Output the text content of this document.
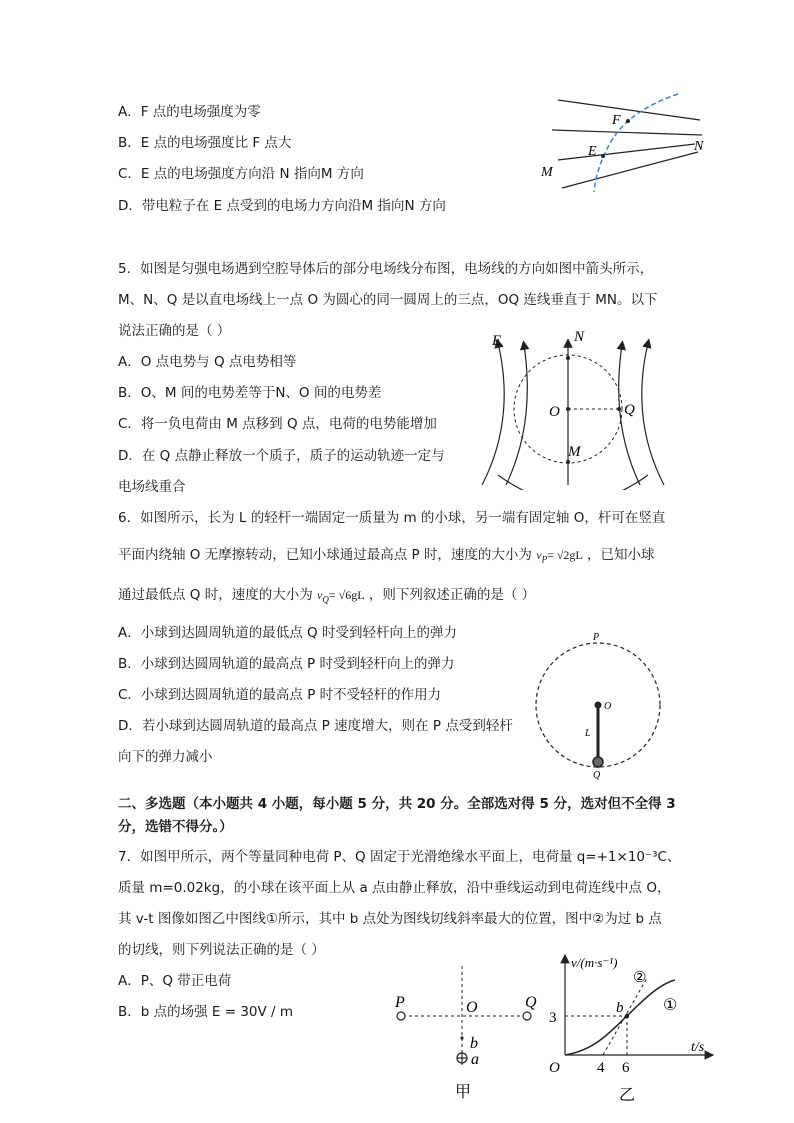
A．F 点的电场强度为零
B．E 点的电场强度比 F 点大
C．E 点的电场强度方向沿 N 指向M 方向
D．带电粒子在 E 点受到的电场力方向沿M 指向N 方向
F
E	N
M
5．如图是匀强电场遇到空腔导体后的部分电场线分布图，电场线的方向如图中箭头所示，
M、N、Q 是以直电场线上一点 O 为圆心的同一圆周上的三点，OQ 连线垂直于 MN。以下
说法正确的是（ ）
A．O 点电势与 Q 点电势相等
B．O、M 间的电势差等于N、O 间的电势差
C．将一负电荷由 M 点移到 Q 点，电荷的电势能增加
D．在 Q 点静止释放一个质子，质子的运动轨迹一定与
电场线重合
E	N
O	Q
M
6．如图所示，长为 L 的轻杆一端固定一质量为 m 的小球，另一端有固定轴 O，杆可在竖直
平面内绕轴 O 无摩擦转动，已知小球通过最高点 P 时，速度的大小为 $v_P= √2gL$ ，已知小球
通过最低点 Q 时，速度的大小为 $v_Q= √6gL$ ，则下列叙述正确的是（ ）
A．小球到达圆周轨道的最低点 Q 时受到轻杆向上的弹力
B．小球到达圆周轨道的最高点 P 时受到轻杆向上的弹力
C．小球到达圆周轨道的最高点 P 时不受轻杆的作用力
D．若小球到达圆周轨道的最高点 P 速度增大，则在 P 点受到轻杆
向下的弹力减小
P
O
L
Q
二、多选题（本小题共 4 小题，每小题 5 分，共 20 分。全部选对得 5 分，选对但不全得 3
分，选错不得分。）
7．如图甲所示，两个等量同种电荷 P、Q 固定于光滑绝缘水平面上，电荷量 q=+1×10⁻³C、
质量 m=0.02kg，的小球在该平面上从 a 点由静止释放，沿中垂线运动到电荷连线中点 O，
其 v-t 图像如图乙中图线①所示，其中 b 点处为图线切线斜率最大的位置，图中②为过 b 点
的切线，则下列说法正确的是（ ）
A．P、Q 带正电荷
B．b 点的场强 E = 30V / m
P	O	Q
b
a
甲
v/(m·s⁻¹)
t/s
O
3
4 6
b
②
①
乙
